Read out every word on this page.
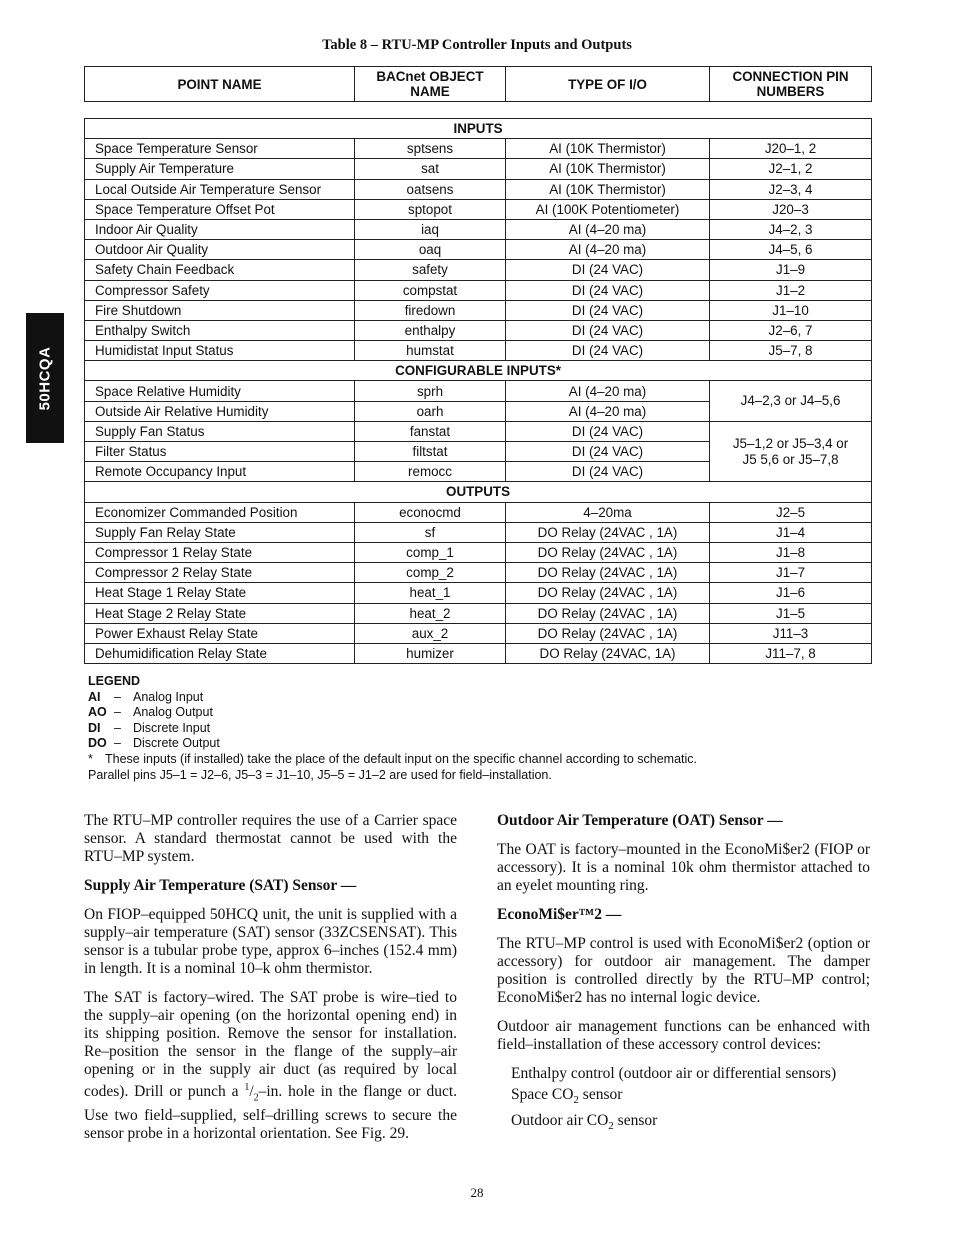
50HCQA
Table 8 – RTU‑MP Controller Inputs and Outputs
POINT NAME	BACnet OBJECT NAME	TYPE OF I/O	CONNECTION PIN NUMBERS
INPUTS			
Space Temperature Sensor	sptsens	AI (10K Thermistor)	J20–1, 2
Supply Air Temperature	sat	AI (10K Thermistor)	J2–1, 2
Local Outside Air Temperature Sensor	oatsens	AI (10K Thermistor)	J2–3, 4
Space Temperature Offset Pot	sptopot	AI (100K Potentiometer)	J20–3
Indoor Air Quality	iaq	AI (4–20 ma)	J4–2, 3
Outdoor Air Quality	oaq	AI (4–20 ma)	J4–5, 6
Safety Chain Feedback	safety	DI (24 VAC)	J1–9
Compressor Safety	compstat	DI (24 VAC)	J1–2
Fire Shutdown	firedown	DI (24 VAC)	J1–10
Enthalpy Switch	enthalpy	DI (24 VAC)	J2–6, 7
Humidistat Input Status	humstat	DI (24 VAC)	J5–7, 8
CONFIGURABLE INPUTS*			
Space Relative Humidity	sprh	AI (4–20 ma)	J4–2,3 or J4–5,6
Outside Air Relative Humidity	oarh	AI (4–20 ma)	
Supply Fan Status	fanstat	DI (24 VAC)	J5–1,2 or J5–3,4 or J5 5,6 or J5–7,8
Filter Status	filtstat	DI (24 VAC)	
Remote Occupancy Input	remocc	DI (24 VAC)	
OUTPUTS			
Economizer Commanded Position	econocmd	4–20ma	J2–5
Supply Fan Relay State	sf	DO Relay (24VAC , 1A)	J1–4
Compressor 1 Relay State	comp_1	DO Relay (24VAC , 1A)	J1–8
Compressor 2 Relay State	comp_2	DO Relay (24VAC , 1A)	J1–7
Heat Stage 1 Relay State	heat_1	DO Relay (24VAC , 1A)	J1–6
Heat Stage 2 Relay State	heat_2	DO Relay (24VAC , 1A)	J1–5
Power Exhaust Relay State	aux_2	DO Relay (24VAC , 1A)	J11–3
Dehumidification Relay State	humizer	DO Relay (24VAC, 1A)	J11–7, 8
LEGEND
AI	– Analog Input
AO – Analog Output
DI	– Discrete Input
DO – Discrete Output
* These inputs (if installed) take the place of the default input on the specific channel according to schematic.
Parallel pins J5–1 = J2–6, J5–3 = J1–10, J5–5 = J1–2 are used for field–installation.

The RTU–MP controller requires the use of a Carrier space sensor. A standard thermostat cannot be used with the RTU–MP system.

Supply Air Temperature (SAT) Sensor —

On FIOP–equipped 50HCQ unit, the unit is supplied with a supply–air temperature (SAT) sensor (33ZCSENSAT). This sensor is a tubular probe type, approx 6–inches (152.4 mm) in length. It is a nominal 10–k ohm thermistor.

The SAT is factory–wired. The SAT probe is wire–tied to the supply–air opening (on the horizontal opening end) in its shipping position. Remove the sensor for installation. Re–position the sensor in the flange of the supply–air opening or in the supply air duct (as required by local codes). Drill or punch a $^1/_2-in$. hole in the flange or duct. Use two field–supplied, self–drilling screws to secure the sensor probe in a horizontal orientation. See Fig. 29.

Outdoor Air Temperature (OAT) Sensor —

The OAT is factory–mounted in the EconoMi$er2 (FIOP or accessory). It is a nominal 10k ohm thermistor attached to an eyelet mounting ring.

EconoMi$er™2 —

The RTU–MP control is used with EconoMi$er2 (option or accessory) for outdoor air management. The damper position is controlled directly by the RTU–MP control; EconoMi$er2 has no internal logic device.

Outdoor air management functions can be enhanced with field–installation of these accessory control devices:

Enthalpy control (outdoor air or differential sensors)
Space $CO_2$ sensor
Outdoor air $CO_2$ sensor
28
